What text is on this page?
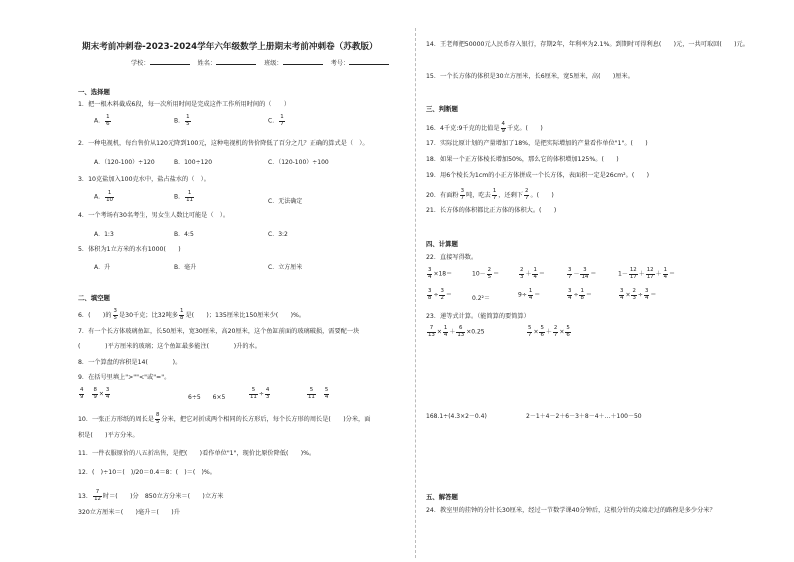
期末考前冲刺卷-2023-2024学年六年级数学上册期末考前冲刺卷（苏教版）
学校：	姓名：	班级：	考号：
一、选择题
1．把一根木料截成6段，每一次所用时间是完成这件工作所用时间的（　　）
A． $\frac{1}{6}$	B． $\frac{1}{5}$	C． $\frac{1}{7}$
2．一种电视机，每台售价从120元降到100元，这种电视机的售价降低了百分之几？正确的算式是（　）。
A．（120-100）÷120	B．100÷120	C．（120-100）÷100
3．10克盐加入100克水中，盐占盐水的（　）。
A． $\frac{1}{10}$	B． $\frac{1}{11}$	C．无法确定
4．一个考场有30名考生，男女生人数比可能是（　）。
A．1:3	B．4:5	C．3:2
5．体积为1立方米的水有1000(　　)
A．升	B．毫升	C．立方厘米
二、填空题
6．(　　)的 $\frac{3}{5}$ 是30千克；比32吨多 $\frac{1}{8}$ 是(　　)；135厘米比150厘米少(　　)%。
7．有一个长方体玻璃鱼缸，长50厘米，宽30厘米，高20厘米，这个鱼缸前面的玻璃破损，需要配一块
(　　　　)平方厘米的玻璃；这个鱼缸最多能注(　　　　)升的水。
8．一个算盘的容积是14(　　　　)。
9．在括号里填上">""<"或"="。
$\frac{4}{9}$
　 $\frac{8}{9} \times \frac{3}{4}$	6÷5　　6×5	$\frac{5}{11} \div \frac{4}{3}$	$\frac{5}{11}$
　 $\frac{5}{4}$
10．一张正方形纸的周长是 $\frac{8}{5}$ 分米，把它对折成两个相同的长方形后，每个长方形的周长是(　　)分米，面
积是(　　)平方分米。
11．一件衣服原价的八五折出售，是把(　　)看作单位"1"，现价比原价降低(　　)%。
12．(　)÷10＝(　)/20＝0.4＝8：(　)＝(　)%。
13． $\frac{7}{12}$ 时＝(　　)分　850立方分米＝(　　)立方米
320立方厘米＝(　　)毫升＝(　　)升
14．王老师把50000元人民币存入银行，存期2年，年利率为2.1%。到期时可得利息(　　)元，一共可取回(　　)元。
15．一个长方体的体积是30立方厘米，长6厘米，宽5厘米，高(　　)厘米。
三、判断题
16．4千克:9千克的比值是 $\frac{4}{9}$ 千克。(　　)
17．实际比原计划的产量增加了18%，是把实际增加的产量看作单位"1"。(　　)
18．如果一个正方体棱长增加50%，那么它的体积增加125%。(　　)
19．用6个棱长为1cm的小正方体拼成一个长方体，表面积一定是26cm²。(　　)
20．有面粉 $\frac{3}{7}$ 吨，吃去 $\frac{1}{7}$ ，还剩下 $\frac{2}{7}$ 。(　　)
21．长方体的体积都比正方体的体积大。(　　)
四、计算题
22．直接写得数。
$\frac{3}{4} \times 18=$	$10- \frac{2}{5}$ ＝	$\frac{2}{3} + \frac{1}{4}$ ＝	$\frac{3}{7} - \frac{3}{14}$ ＝	$1- \frac{12}{17} + \frac{12}{17} + \frac{1}{4}$ ＝
$\frac{3}{8} \div \frac{3}{2}$ ＝	0.2²＝	$9\div \frac{1}{4}$ ＝	$\frac{3}{4} \div \frac{1}{8}$ ＝	$\frac{3}{4} \times \frac{2}{3} \div \frac{3}{4}$ ＝
23．递等式计算。（能简算的要简算）
$\frac{7}{13} \times \frac{1}{4} + \frac{6}{13} \times 0.25$	$\frac{5}{7} \times \frac{5}{6} + \frac{2}{7} \times \frac{5}{6}$
168.1÷(4.3×2－0.4)	2－1＋4－2＋6－3＋8－4＋…＋100－50
五、解答题
24．教室里的挂钟的分针长30厘米，经过一节数学课40分钟后，这根分针的尖端走过的路程是多少分米？
